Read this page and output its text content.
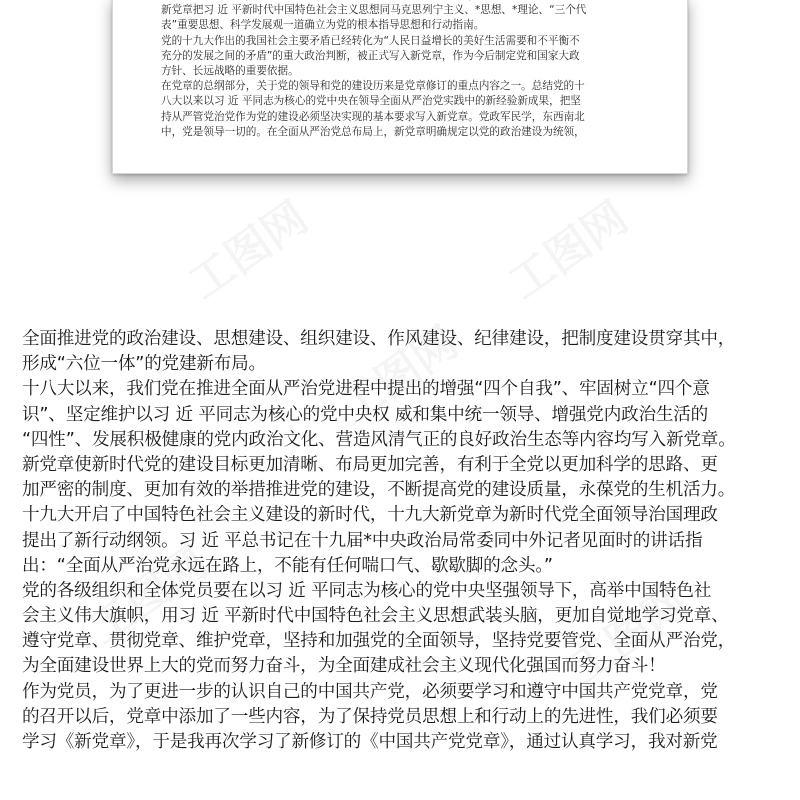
新党章把习 近 平新时代中国特色社会主义思想同马克思列宁主义、*思想、*理论、“三个代
表”重要思想、科学发展观一道确立为党的根本指导思想和行动指南。
党的十九大作出的我国社会主要矛盾已经转化为“人民日益增长的美好生活需要和不平衡不
充分的发展之间的矛盾”的重大政治判断，被正式写入新党章，作为今后制定党和国家大政
方针、长远战略的重要依据。
在党章的总纲部分，关于党的领导和党的建设历来是党章修订的重点内容之一。总结党的十
八大以来以习 近 平同志为核心的党中央在领导全面从严治党实践中的新经验新成果，把坚
持从严管党治党作为党的建设必须坚决实现的基本要求写入新党章。党政军民学，东西南北
中，党是领导一切的。在全面从严治党总布局上，新党章明确规定以党的政治建设为统领，
全面推进党的政治建设、思想建设、组织建设、作风建设、纪律建设，把制度建设贯穿其中，
形成“六位一体”的党建新布局。
十八大以来，我们党在推进全面从严治党进程中提出的增强“四个自我”、牢固树立“四个意
识”、坚定维护以习 近 平同志为核心的党中央权 威和集中统一领导、增强党内政治生活的
“四性”、发展积极健康的党内政治文化、营造风清气正的良好政治生态等内容均写入新党章。
新党章使新时代党的建设目标更加清晰、布局更加完善，有利于全党以更加科学的思路、更
加严密的制度、更加有效的举措推进党的建设，不断提高党的建设质量，永葆党的生机活力。
十九大开启了中国特色社会主义建设的新时代，十九大新党章为新时代党全面领导治国理政
提出了新行动纲领。习 近 平总书记在十九届*中央政治局常委同中外记者见面时的讲话指
出：“全面从严治党永远在路上，不能有任何喘口气、歇歇脚的念头。”
党的各级组织和全体党员要在以习 近 平同志为核心的党中央坚强领导下，高举中国特色社
会主义伟大旗帜，用习 近 平新时代中国特色社会主义思想武装头脑，更加自觉地学习党章、
遵守党章、贯彻党章、维护党章，坚持和加强党的全面领导，坚持党要管党、全面从严治党，
为全面建设世界上大的党而努力奋斗，为全面建成社会主义现代化强国而努力奋斗！
作为党员，为了更进一步的认识自己的中国共产党，必须要学习和遵守中国共产党党章，党
的召开以后，党章中添加了一些内容，为了保持党员思想上和行动上的先进性，我们必须要
学习《新党章》，于是我再次学习了新修订的《中国共产党党章》，通过认真学习，我对新党
